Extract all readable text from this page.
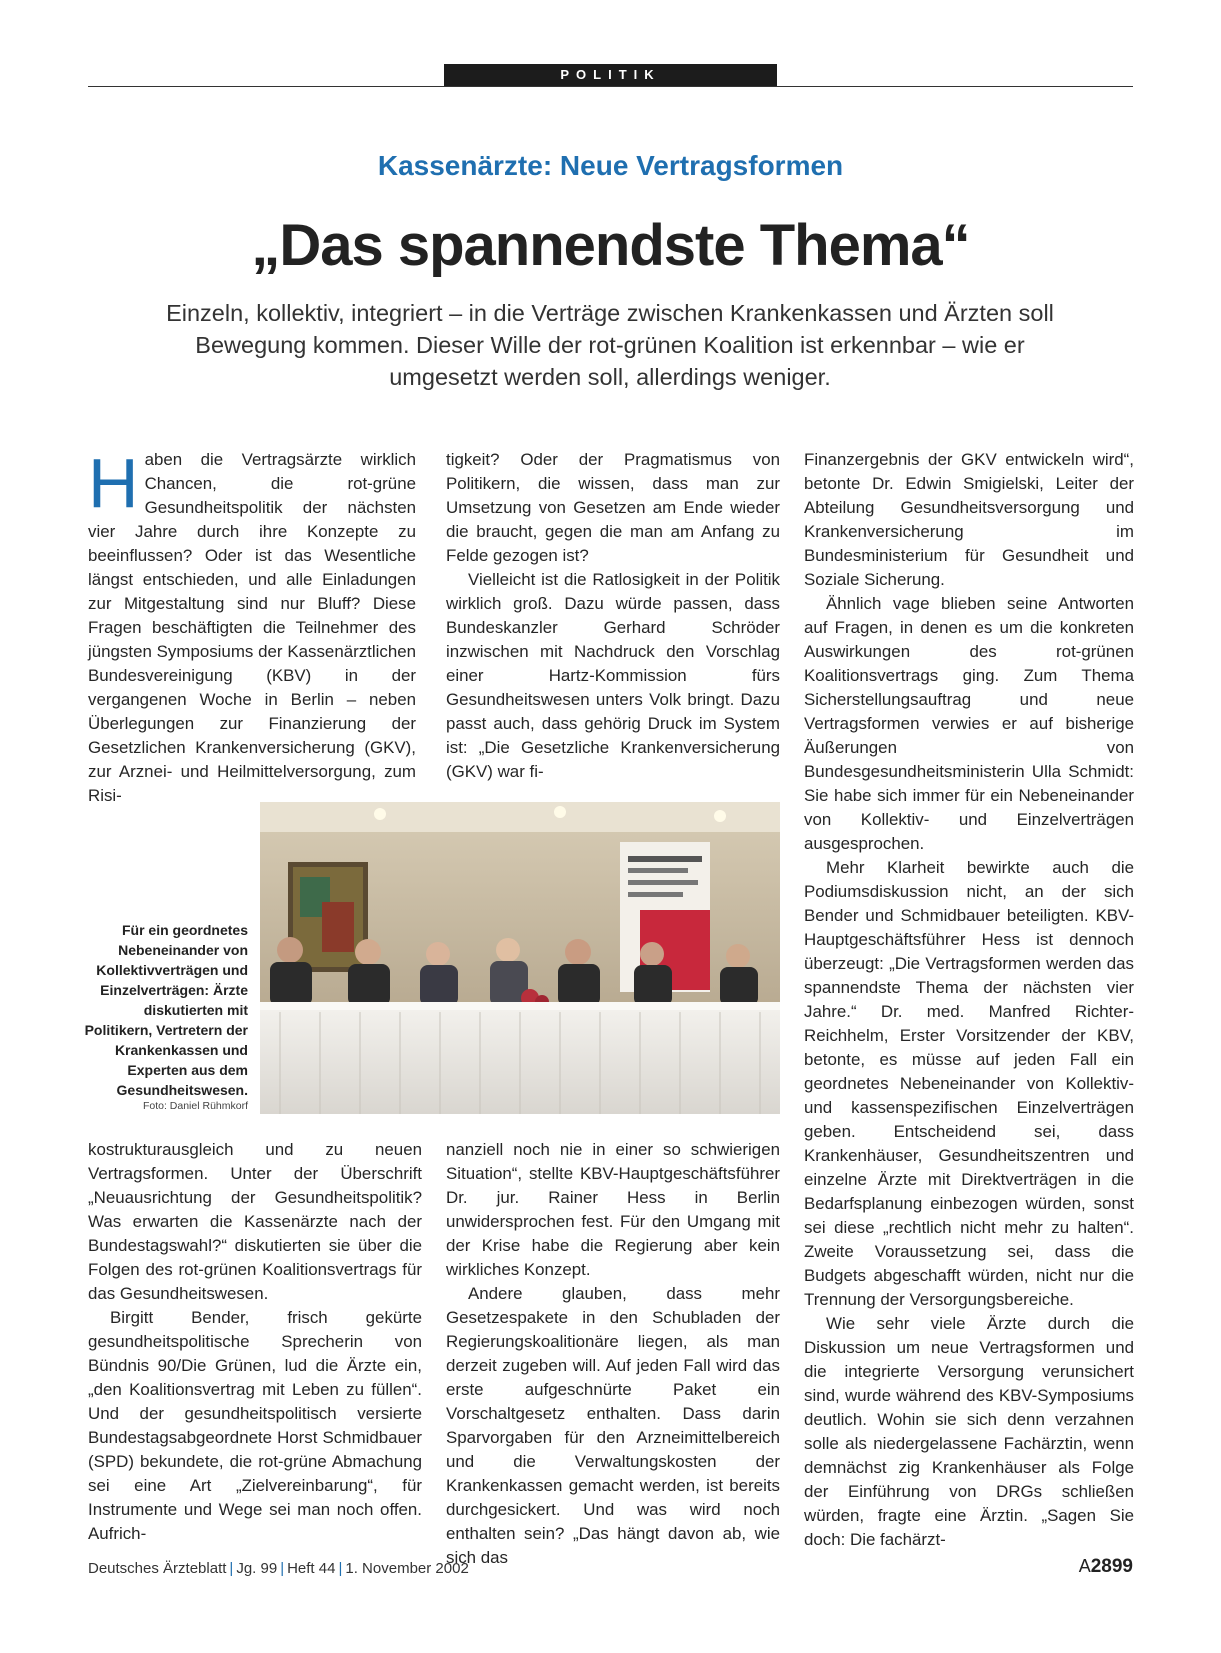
POLITIK
Kassenärzte: Neue Vertragsformen
„Das spannendste Thema“
Einzeln, kollektiv, integriert – in die Verträge zwischen Krankenkassen und Ärzten soll Bewegung kommen. Dieser Wille der rot-grünen Koalition ist erkennbar – wie er umgesetzt werden soll, allerdings weniger.
H aben die Vertragsärzte wirklich Chancen, die rot-grüne Gesundheitspolitik der nächsten vier Jahre durch ihre Konzepte zu beeinflussen? Oder ist das Wesentliche längst entschieden, und alle Einladungen zur Mitgestaltung sind nur Bluff? Diese Fragen beschäftigten die Teilnehmer des jüngsten Symposiums der Kassenärztlichen Bundesvereinigung (KBV) in der vergangenen Woche in Berlin – neben Überlegungen zur Finanzierung der Gesetzlichen Krankenversicherung (GKV), zur Arznei- und Heilmittelversorgung, zum Risi-

tigkeit? Oder der Pragmatismus von Politikern, die wissen, dass man zur Umsetzung von Gesetzen am Ende wieder die braucht, gegen die man am Anfang zu Felde gezogen ist?

Vielleicht ist die Ratlosigkeit in der Politik wirklich groß. Dazu würde passen, dass Bundeskanzler Gerhard Schröder inzwischen mit Nachdruck den Vorschlag einer Hartz-Kommission fürs Gesundheitswesen unters Volk bringt. Dazu passt auch, dass gehörig Druck im System ist: „Die Gesetzliche Krankenversicherung (GKV) war fi-

Finanzergebnis der GKV entwickeln wird“, betonte Dr. Edwin Smigielski, Leiter der Abteilung Gesundheitsversorgung und Krankenversicherung im Bundesministerium für Gesundheit und Soziale Sicherung.

Ähnlich vage blieben seine Antworten auf Fragen, in denen es um die konkreten Auswirkungen des rot-grünen Koalitionsvertrags ging. Zum Thema Sicherstellungsauftrag und neue Vertragsformen verwies er auf bisherige Äußerungen von Bundesgesundheitsministerin Ulla Schmidt: Sie habe sich immer für ein Nebeneinander von Kollektiv- und Einzelverträgen ausgesprochen.

Mehr Klarheit bewirkte auch die Podiumsdiskussion nicht, an der sich Bender und Schmidbauer beteiligten. KBV-Hauptgeschäftsführer Hess ist dennoch überzeugt: „Die Vertragsformen werden das spannendste Thema der nächsten vier Jahre.“ Dr. med. Manfred Richter-Reichhelm, Erster Vorsitzender der KBV, betonte, es müsse auf jeden Fall ein geordnetes Nebeneinander von Kollektiv- und kassenspezifischen Einzelverträgen geben. Entscheidend sei, dass Krankenhäuser, Gesundheitszentren und einzelne Ärzte mit Direktverträgen in die Bedarfsplanung einbezogen würden, sonst sei diese „rechtlich nicht mehr zu halten“. Zweite Voraussetzung sei, dass die Budgets abgeschafft würden, nicht nur die Trennung der Versorgungsbereiche.

Wie sehr viele Ärzte durch die Diskussion um neue Vertragsformen und die integrierte Versorgung verunsichert sind, wurde während des KBV-Symposiums deutlich. Wohin sie sich denn verzahnen solle als niedergelassene Fachärztin, wenn demnächst zig Krankenhäuser als Folge der Einführung von DRGs schließen würden, fragte eine Ärztin. „Sagen Sie doch: Die fachärzt-

Für ein geordnetes Nebeneinander von Kollektivverträgen und Einzelverträgen: Ärzte diskutierten mit Politikern, Vertretern der Krankenkassen und Experten aus dem Gesundheitswesen.
Foto: Daniel Rühmkorf

kostrukturausgleich und zu neuen Vertragsformen. Unter der Überschrift „Neuausrichtung der Gesundheitspolitik? Was erwarten die Kassenärzte nach der Bundestagswahl?“ diskutierten sie über die Folgen des rot-grünen Koalitionsvertrags für das Gesundheitswesen.

Birgitt Bender, frisch gekürte gesundheitspolitische Sprecherin von Bündnis 90/Die Grünen, lud die Ärzte ein, „den Koalitionsvertrag mit Leben zu füllen“. Und der gesundheitspolitisch versierte Bundestagsabgeordnete Horst Schmidbauer (SPD) bekundete, die rot-grüne Abmachung sei eine Art „Zielvereinbarung“, für Instrumente und Wege sei man noch offen. Aufrich-

nanziell noch nie in einer so schwierigen Situation“, stellte KBV-Hauptgeschäftsführer Dr. jur. Rainer Hess in Berlin unwidersprochen fest. Für den Umgang mit der Krise habe die Regierung aber kein wirkliches Konzept.

Andere glauben, dass mehr Gesetzespakete in den Schubladen der Regierungskoalitionäre liegen, als man derzeit zugeben will. Auf jeden Fall wird das erste aufgeschnürte Paket ein Vorschaltgesetz enthalten. Dass darin Sparvorgaben für den Arzneimittelbereich und die Verwaltungskosten der Krankenkassen gemacht werden, ist bereits durchgesickert. Und was wird noch enthalten sein? „Das hängt davon ab, wie sich das

Deutsches Ärzteblatt | Jg. 99 | Heft 44 | 1. November 2002	A2899
